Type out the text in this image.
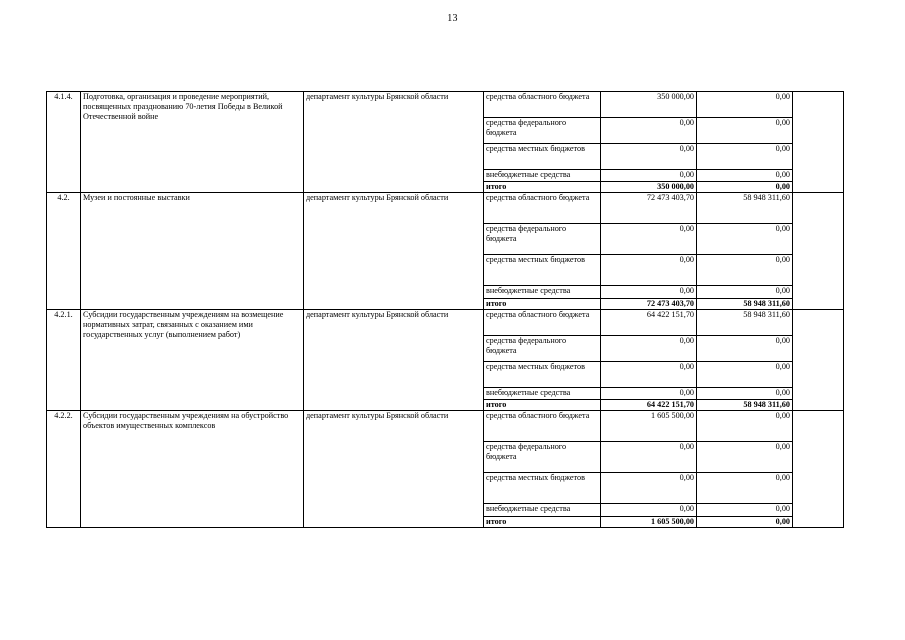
13
4.1.4.	Подготовка, организация и проведение мероприятий, посвященных празднованию 70-летия Победы в Великой Отечественной войне	департамент культуры Брянской области	средства областного бюджета	350 000,00	0,00	
			средства федерального бюджета	0,00	0,00	
			средства местных бюджетов	0,00	0,00	
			внебюджетные средства	0,00	0,00	
			итого	350 000,00	0,00	
4.2.	Музеи и постоянные выставки	департамент культуры Брянской области	средства областного бюджета	72 473 403,70	58 948 311,60	
			средства федерального бюджета	0,00	0,00	
			средства местных бюджетов	0,00	0,00	
			внебюджетные средства	0,00	0,00	
			итого	72 473 403,70	58 948 311,60	
4.2.1.	Субсидии государственным учреждениям на возмещение нормативных затрат, связанных с оказанием ими государственных услуг (выполнением работ)	департамент культуры Брянской области	средства областного бюджета	64 422 151,70	58 948 311,60	
			средства федерального бюджета	0,00	0,00	
			средства местных бюджетов	0,00	0,00	
			внебюджетные средства	0,00	0,00	
			итого	64 422 151,70	58 948 311,60	
4.2.2.	Субсидии государственным учреждениям на обустройство объектов имущественных комплексов	департамент культуры Брянской области	средства областного бюджета	1 605 500,00	0,00	
			средства федерального бюджета	0,00	0,00	
			средства местных бюджетов	0,00	0,00	
			внебюджетные средства	0,00	0,00	
			итого	1 605 500,00	0,00	
